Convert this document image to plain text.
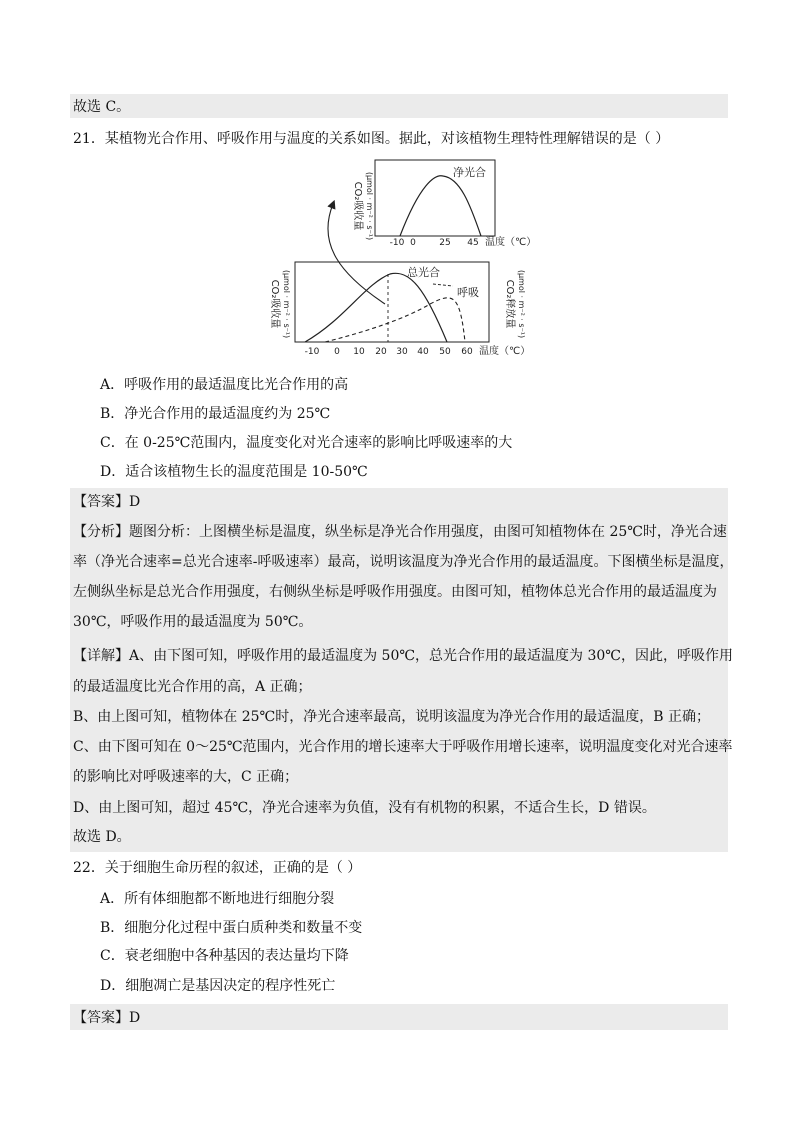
故选 C。
21．某植物光合作用、呼吸作用与温度的关系如图。据此，对该植物生理特性理解错误的是（ ）
净光合
CO₂吸收量 (μmol · m⁻² · s⁻¹)
-10 0	25 45 温度（℃）
总光合
呼吸
CO₂吸收量 (μmol · m⁻² · s⁻¹)	CO₂释放量 (μmol · m⁻² · s⁻¹)
-10 0 10 20 30 40 50 60 温度（℃）
A．呼吸作用的最适温度比光合作用的高
B．净光合作用的最适温度约为 25℃
C．在 0-25℃范围内，温度变化对光合速率的影响比呼吸速率的大
D．适合该植物生长的温度范围是 10-50℃
【答案】D
【分析】题图分析：上图横坐标是温度，纵坐标是净光合作用强度，由图可知植物体在 25℃时，净光合速
率（净光合速率=总光合速率-呼吸速率）最高，说明该温度为净光合作用的最适温度。下图横坐标是温度，
左侧纵坐标是总光合作用强度，右侧纵坐标是呼吸作用强度。由图可知，植物体总光合作用的最适温度为
30℃，呼吸作用的最适温度为 50℃。
【详解】A、由下图可知，呼吸作用的最适温度为 50℃，总光合作用的最适温度为 30℃，因此，呼吸作用
的最适温度比光合作用的高，A 正确；
B、由上图可知，植物体在 25℃时，净光合速率最高，说明该温度为净光合作用的最适温度，B 正确；
C、由下图可知在 0～25℃范围内，光合作用的增长速率大于呼吸作用增长速率，说明温度变化对光合速率
的影响比对呼吸速率的大，C 正确；
D、由上图可知，超过 45℃，净光合速率为负值，没有有机物的积累，不适合生长，D 错误。
故选 D。
22．关于细胞生命历程的叙述，正确的是（ ）
A．所有体细胞都不断地进行细胞分裂
B．细胞分化过程中蛋白质种类和数量不变
C．衰老细胞中各种基因的表达量均下降
D．细胞凋亡是基因决定的程序性死亡
【答案】D
